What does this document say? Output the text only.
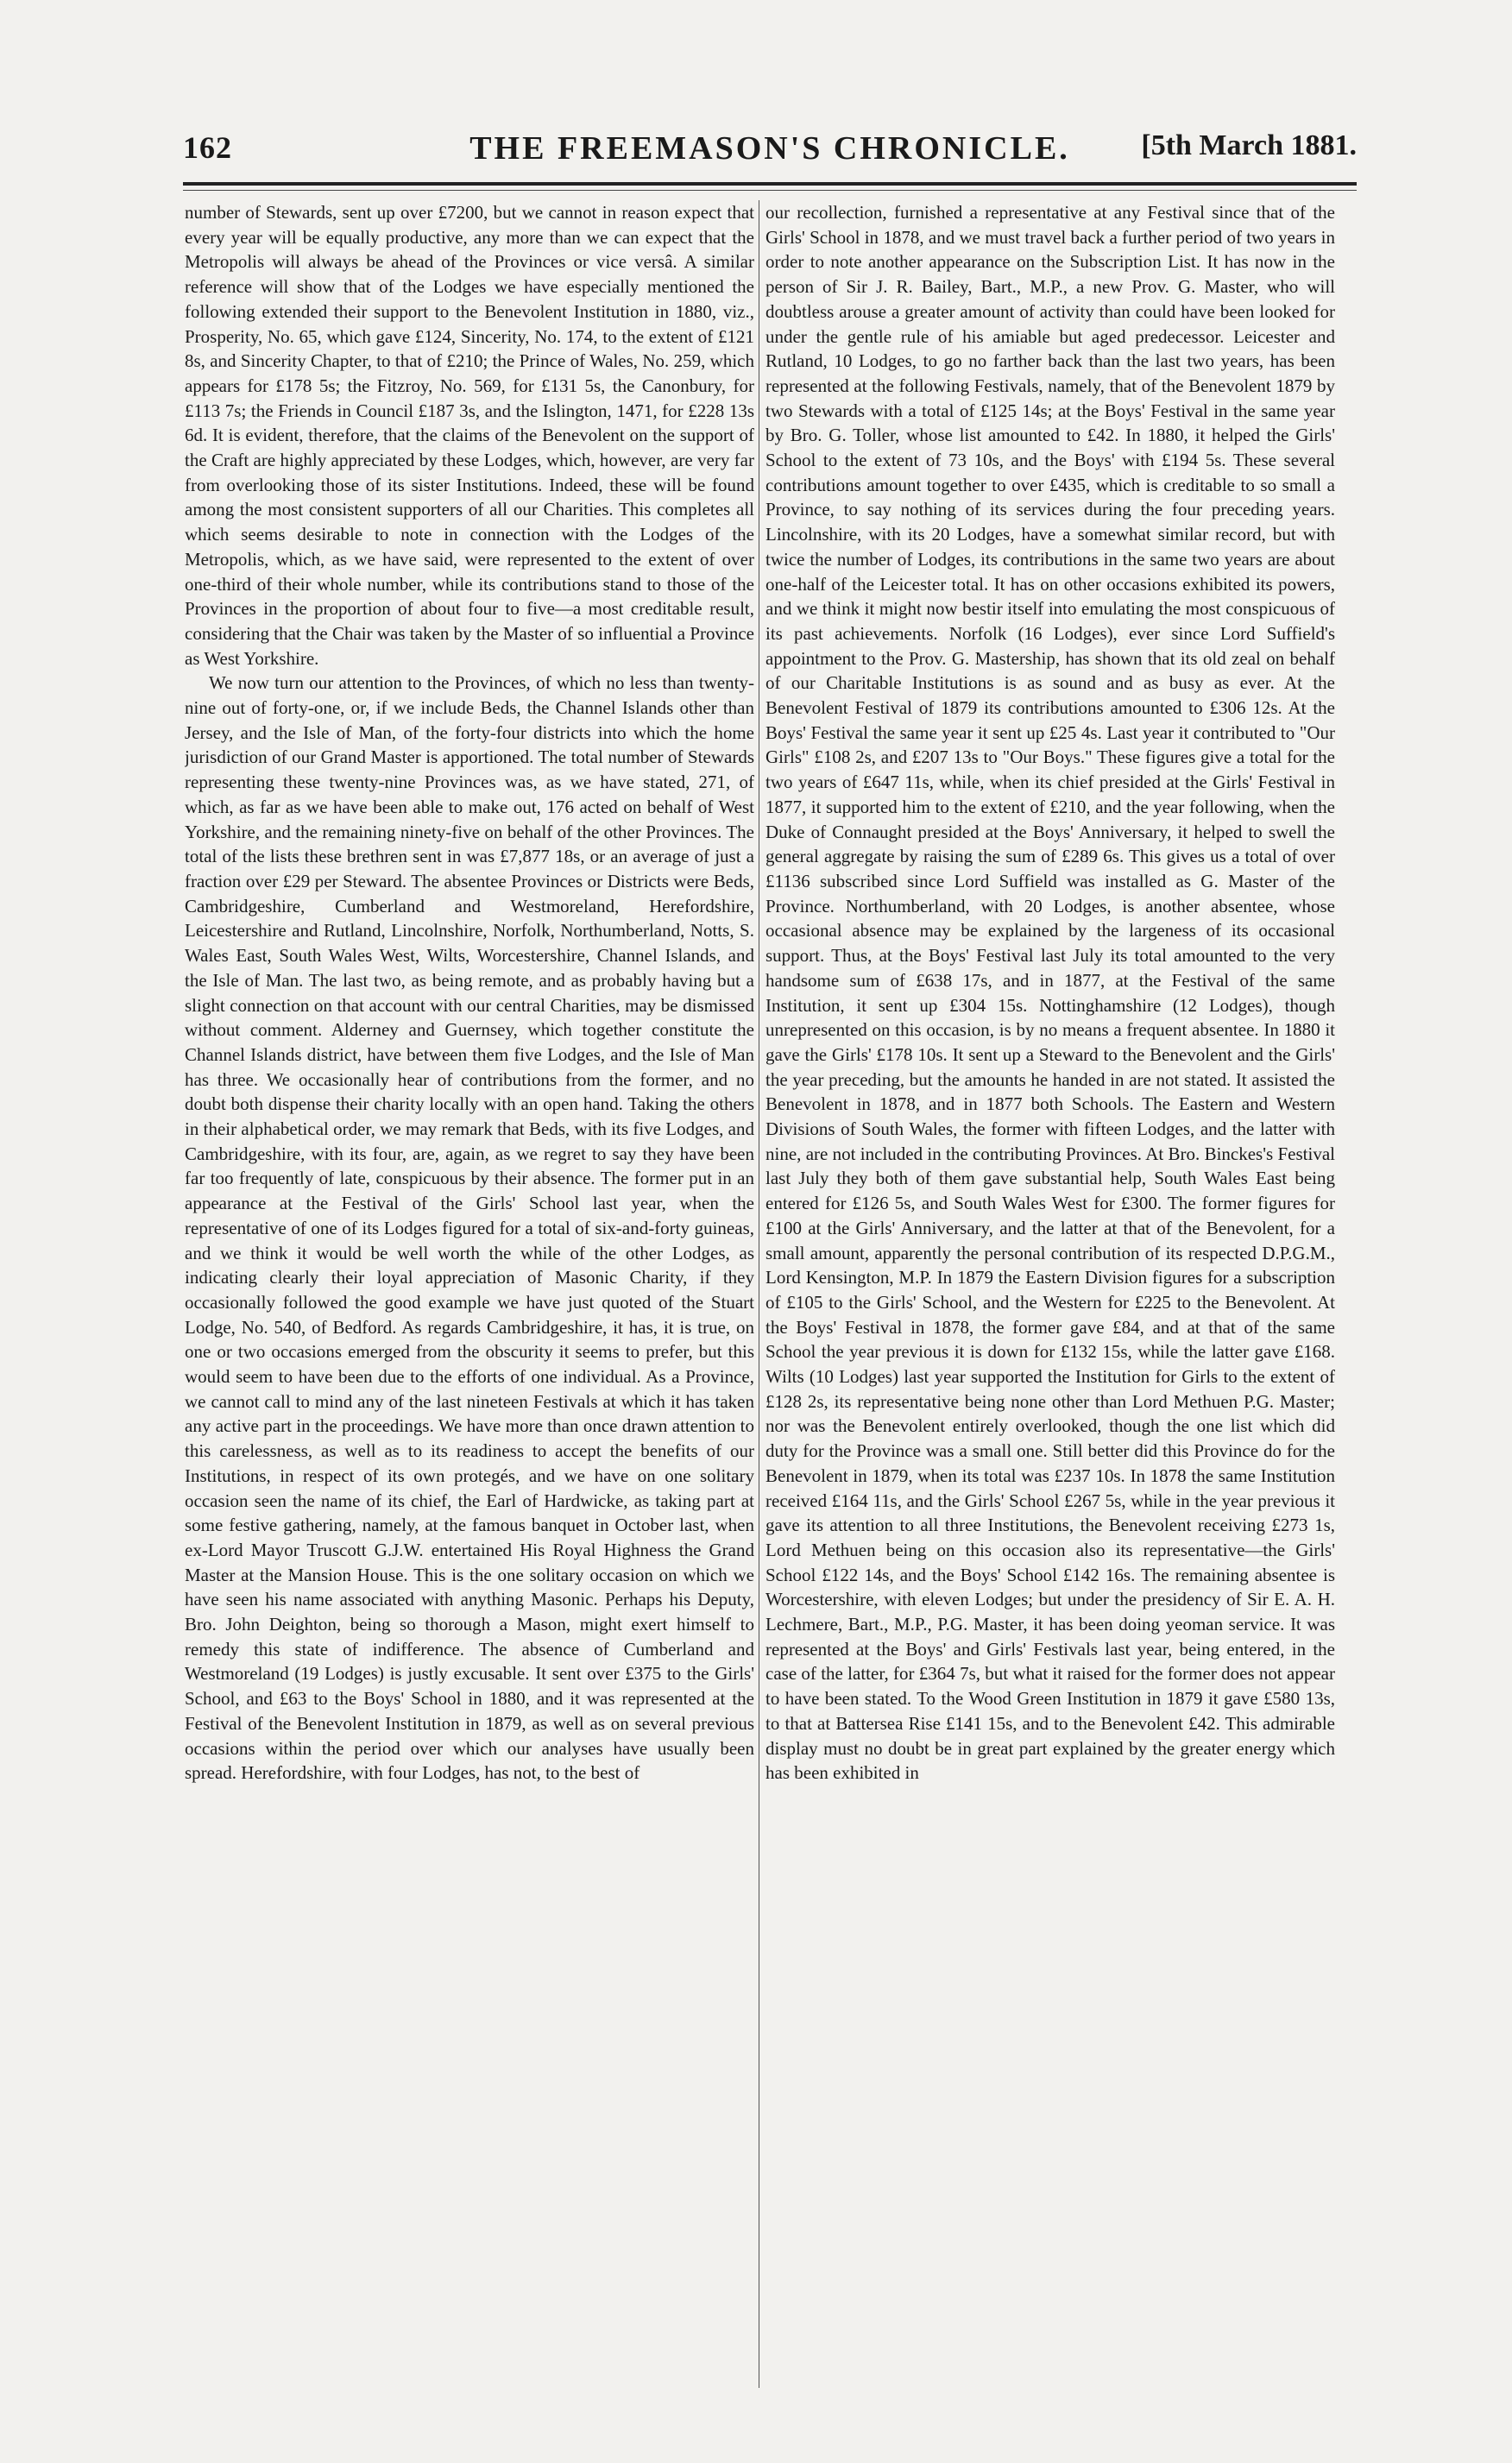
162	THE FREEMASON'S CHRONICLE.	[5th March 1881.

number of Stewards, sent up over £7200, but we cannot in reason expect that every year will be equally productive, any more than we can expect that the Metropolis will always be ahead of the Provinces or vice versâ. A similar reference will show that of the Lodges we have especially mentioned the following extended their support to the Benevolent Institution in 1880, viz., Prosperity, No. 65, which gave £124, Sincerity, No. 174, to the extent of £121 8s, and Sincerity Chapter, to that of £210; the Prince of Wales, No. 259, which appears for £178 5s; the Fitzroy, No. 569, for £131 5s, the Canonbury, for £113 7s; the Friends in Council £187 3s, and the Islington, 1471, for £228 13s 6d. It is evident, therefore, that the claims of the Benevolent on the support of the Craft are highly appreciated by these Lodges, which, however, are very far from overlooking those of its sister Institutions. Indeed, these will be found among the most consistent supporters of all our Charities. This completes all which seems desirable to note in connection with the Lodges of the Metropolis, which, as we have said, were represented to the extent of over one-third of their whole number, while its contributions stand to those of the Provinces in the proportion of about four to five—a most creditable result, considering that the Chair was taken by the Master of so influential a Province as West Yorkshire.

We now turn our attention to the Provinces, of which no less than twenty-nine out of forty-one, or, if we include Beds, the Channel Islands other than Jersey, and the Isle of Man, of the forty-four districts into which the home jurisdiction of our Grand Master is apportioned. The total number of Stewards representing these twenty-nine Provinces was, as we have stated, 271, of which, as far as we have been able to make out, 176 acted on behalf of West Yorkshire, and the remaining ninety-five on behalf of the other Provinces. The total of the lists these brethren sent in was £7,877 18s, or an average of just a fraction over £29 per Steward. The absentee Provinces or Districts were Beds, Cambridgeshire, Cumberland and Westmoreland, Herefordshire, Leicestershire and Rutland, Lincolnshire, Norfolk, Northumberland, Notts, S. Wales East, South Wales West, Wilts, Worcestershire, Channel Islands, and the Isle of Man. The last two, as being remote, and as probably having but a slight connection on that account with our central Charities, may be dismissed without comment. Alderney and Guernsey, which together constitute the Channel Islands district, have between them five Lodges, and the Isle of Man has three. We occasionally hear of contributions from the former, and no doubt both dispense their charity locally with an open hand. Taking the others in their alphabetical order, we may remark that Beds, with its five Lodges, and Cambridgeshire, with its four, are, again, as we regret to say they have been far too frequently of late, conspicuous by their absence. The former put in an appearance at the Festival of the Girls' School last year, when the representative of one of its Lodges figured for a total of six-and-forty guineas, and we think it would be well worth the while of the other Lodges, as indicating clearly their loyal appreciation of Masonic Charity, if they occasionally followed the good example we have just quoted of the Stuart Lodge, No. 540, of Bedford. As regards Cambridgeshire, it has, it is true, on one or two occasions emerged from the obscurity it seems to prefer, but this would seem to have been due to the efforts of one individual. As a Province, we cannot call to mind any of the last nineteen Festivals at which it has taken any active part in the proceedings. We have more than once drawn attention to this carelessness, as well as to its readiness to accept the benefits of our Institutions, in respect of its own protegés, and we have on one solitary occasion seen the name of its chief, the Earl of Hardwicke, as taking part at some festive gathering, namely, at the famous banquet in October last, when ex-Lord Mayor Truscott G.J.W. entertained His Royal Highness the Grand Master at the Mansion House. This is the one solitary occasion on which we have seen his name associated with anything Masonic. Perhaps his Deputy, Bro. John Deighton, being so thorough a Mason, might exert himself to remedy this state of indifference. The absence of Cumberland and Westmoreland (19 Lodges) is justly excusable. It sent over £375 to the Girls' School, and £63 to the Boys' School in 1880, and it was represented at the Festival of the Benevolent Institution in 1879, as well as on several previous occasions within the period over which our analyses have usually been spread. Herefordshire, with four Lodges, has not, to the best of

our recollection, furnished a representative at any Festival since that of the Girls' School in 1878, and we must travel back a further period of two years in order to note another appearance on the Subscription List. It has now in the person of Sir J. R. Bailey, Bart., M.P., a new Prov. G. Master, who will doubtless arouse a greater amount of activity than could have been looked for under the gentle rule of his amiable but aged predecessor. Leicester and Rutland, 10 Lodges, to go no farther back than the last two years, has been represented at the following Festivals, namely, that of the Benevolent 1879 by two Stewards with a total of £125 14s; at the Boys' Festival in the same year by Bro. G. Toller, whose list amounted to £42. In 1880, it helped the Girls' School to the extent of 73 10s, and the Boys' with £194 5s. These several contributions amount together to over £435, which is creditable to so small a Province, to say nothing of its services during the four preceding years. Lincolnshire, with its 20 Lodges, have a somewhat similar record, but with twice the number of Lodges, its contributions in the same two years are about one-half of the Leicester total. It has on other occasions exhibited its powers, and we think it might now bestir itself into emulating the most conspicuous of its past achievements. Norfolk (16 Lodges), ever since Lord Suffield's appointment to the Prov. G. Mastership, has shown that its old zeal on behalf of our Charitable Institutions is as sound and as busy as ever. At the Benevolent Festival of 1879 its contributions amounted to £306 12s. At the Boys' Festival the same year it sent up £25 4s. Last year it contributed to "Our Girls" £108 2s, and £207 13s to "Our Boys." These figures give a total for the two years of £647 11s, while, when its chief presided at the Girls' Festival in 1877, it supported him to the extent of £210, and the year following, when the Duke of Connaught presided at the Boys' Anniversary, it helped to swell the general aggregate by raising the sum of £289 6s. This gives us a total of over £1136 subscribed since Lord Suffield was installed as G. Master of the Province. Northumberland, with 20 Lodges, is another absentee, whose occasional absence may be explained by the largeness of its occasional support. Thus, at the Boys' Festival last July its total amounted to the very handsome sum of £638 17s, and in 1877, at the Festival of the same Institution, it sent up £304 15s. Nottinghamshire (12 Lodges), though unrepresented on this occasion, is by no means a frequent absentee. In 1880 it gave the Girls' £178 10s. It sent up a Steward to the Benevolent and the Girls' the year preceding, but the amounts he handed in are not stated. It assisted the Benevolent in 1878, and in 1877 both Schools. The Eastern and Western Divisions of South Wales, the former with fifteen Lodges, and the latter with nine, are not included in the contributing Provinces. At Bro. Binckes's Festival last July they both of them gave substantial help, South Wales East being entered for £126 5s, and South Wales West for £300. The former figures for £100 at the Girls' Anniversary, and the latter at that of the Benevolent, for a small amount, apparently the personal contribution of its respected D.P.G.M., Lord Kensington, M.P. In 1879 the Eastern Division figures for a subscription of £105 to the Girls' School, and the Western for £225 to the Benevolent. At the Boys' Festival in 1878, the former gave £84, and at that of the same School the year previous it is down for £132 15s, while the latter gave £168. Wilts (10 Lodges) last year supported the Institution for Girls to the extent of £128 2s, its representative being none other than Lord Methuen P.G. Master; nor was the Benevolent entirely overlooked, though the one list which did duty for the Province was a small one. Still better did this Province do for the Benevolent in 1879, when its total was £237 10s. In 1878 the same Institution received £164 11s, and the Girls' School £267 5s, while in the year previous it gave its attention to all three Institutions, the Benevolent receiving £273 1s, Lord Methuen being on this occasion also its representative—the Girls' School £122 14s, and the Boys' School £142 16s. The remaining absentee is Worcestershire, with eleven Lodges; but under the presidency of Sir E. A. H. Lechmere, Bart., M.P., P.G. Master, it has been doing yeoman service. It was represented at the Boys' and Girls' Festivals last year, being entered, in the case of the latter, for £364 7s, but what it raised for the former does not appear to have been stated. To the Wood Green Institution in 1879 it gave £580 13s, to that at Battersea Rise £141 15s, and to the Benevolent £42. This admirable display must no doubt be in great part explained by the greater energy which has been exhibited in
